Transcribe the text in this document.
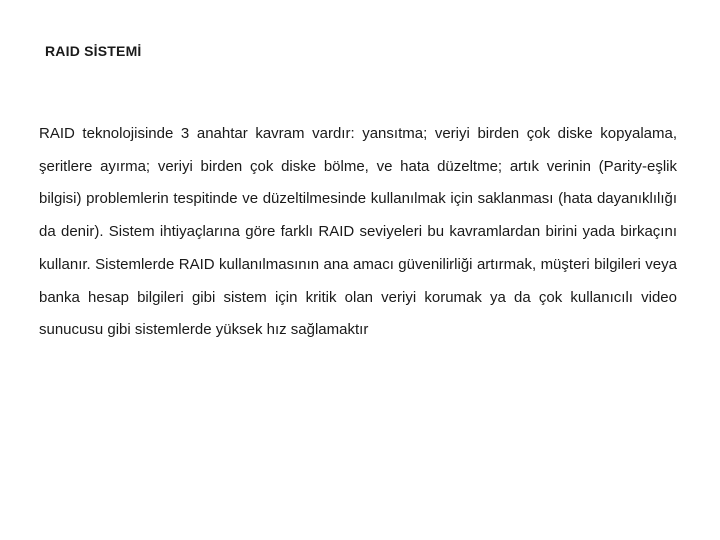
RAID SİSTEMİ

RAID teknolojisinde 3 anahtar kavram vardır: yansıtma; veriyi birden çok diske kopyalama, şeritlere ayırma; veriyi birden çok diske bölme, ve hata düzeltme; artık verinin (Parity-eşlik bilgisi) problemlerin tespitinde ve düzeltilmesinde kullanılmak için saklanması (hata dayanıklılığı da denir). Sistem ihtiyaçlarına göre farklı RAID seviyeleri bu kavramlardan birini yada birkaçını kullanır. Sistemlerde RAID kullanılmasının ana amacı güvenilirliği artırmak, müşteri bilgileri veya banka hesap bilgileri gibi sistem için kritik olan veriyi korumak ya da çok kullanıcılı video sunucusu gibi sistemlerde yüksek hız sağlamaktır
